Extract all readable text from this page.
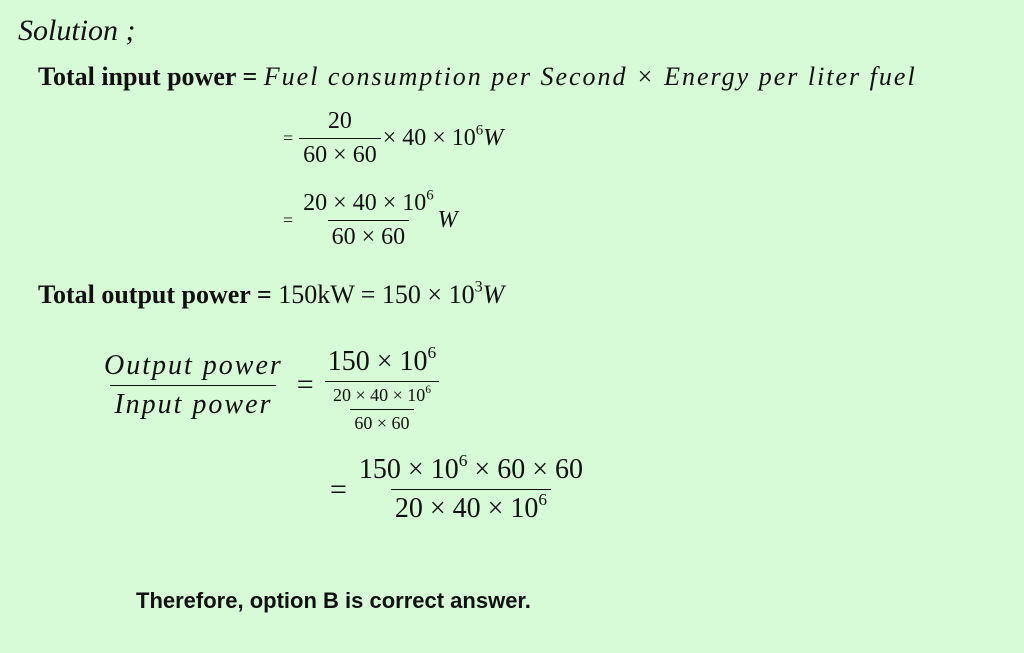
Solution ;
Total input power = Fuel consumption per Second × Energy per liter fuel
= $\frac{20}{60 \times 60} \times 40 \times 10^6W$
= $\frac{20 \times 40 \times 10^6}{60 \times 60}$ W
Total output power = $150kW = 150 \times 10^3W$
$\frac{\text{Output power}}{\text{Input power}} = \frac{150 \times 10^6}{\frac{20 \times 40 \times 10^6}{60 \times 60}}$
= $\frac{150 \times 10^6 \times 60 \times 60}{20 \times 40 \times 10^6}$
Therefore, option B is correct answer.
